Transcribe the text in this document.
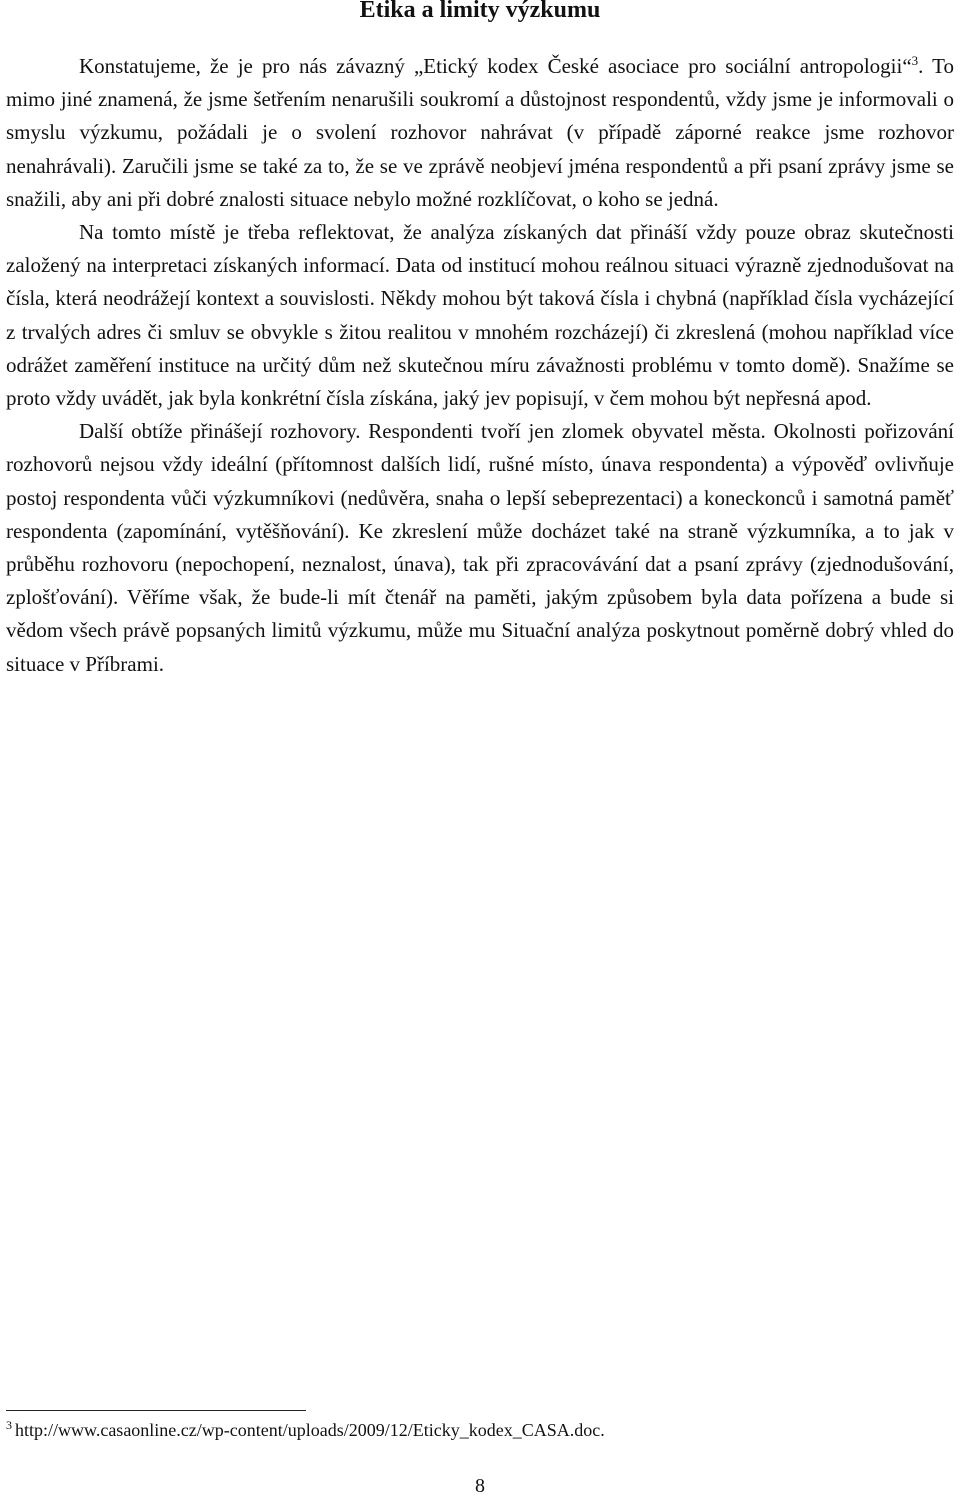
Etika a limity výzkumu

Konstatujeme, že je pro nás závazný „Etický kodex České asociace pro sociální antropologii“$^3$. To mimo jiné znamená, že jsme šetřením nenarušili soukromí a důstojnost respondentů, vždy jsme je informovali o smyslu výzkumu, požádali je o svolení rozhovor nahrávat (v případě záporné reakce jsme rozhovor nenahrávali). Zaručili jsme se také za to, že se ve zprávě neobjeví jména respondentů a při psaní zprávy jsme se snažili, aby ani při dobré znalosti situace nebylo možné rozklíčovat, o koho se jedná.

Na tomto místě je třeba reflektovat, že analýza získaných dat přináší vždy pouze obraz skutečnosti založený na interpretaci získaných informací. Data od institucí mohou reálnou situaci výrazně zjednodušovat na čísla, která neodrážejí kontext a souvislosti. Někdy mohou být taková čísla i chybná (například čísla vycházející z trvalých adres či smluv se obvykle s žitou realitou v mnohém rozcházejí) či zkreslená (mohou například více odrážet zaměření instituce na určitý dům než skutečnou míru závažnosti problému v tomto domě). Snažíme se proto vždy uvádět, jak byla konkrétní čísla získána, jaký jev popisují, v čem mohou být nepřesná apod.

Další obtíže přinášejí rozhovory. Respondenti tvoří jen zlomek obyvatel města. Okolnosti pořizování rozhovorů nejsou vždy ideální (přítomnost dalších lidí, rušné místo, únava respondenta) a výpověď ovlivňuje postoj respondenta vůči výzkumníkovi (nedůvěra, snaha o lepší sebeprezentaci) a koneckonců i samotná paměť respondenta (zapomínání, vytěšňování). Ke zkreslení může docházet také na straně výzkumníka, a to jak v průběhu rozhovoru (nepochopení, neznalost, únava), tak při zpracovávání dat a psaní zprávy (zjednodušování, zplošťování). Věříme však, že bude-li mít čtenář na paměti, jakým způsobem byla data pořízena a bude si vědom všech právě popsaných limitů výzkumu, může mu Situační analýza poskytnout poměrně dobrý vhled do situace v Příbrami.

$^3$ http://www.casaonline.cz/wp-content/uploads/2009/12/Eticky_kodex_CASA.doc.
8
